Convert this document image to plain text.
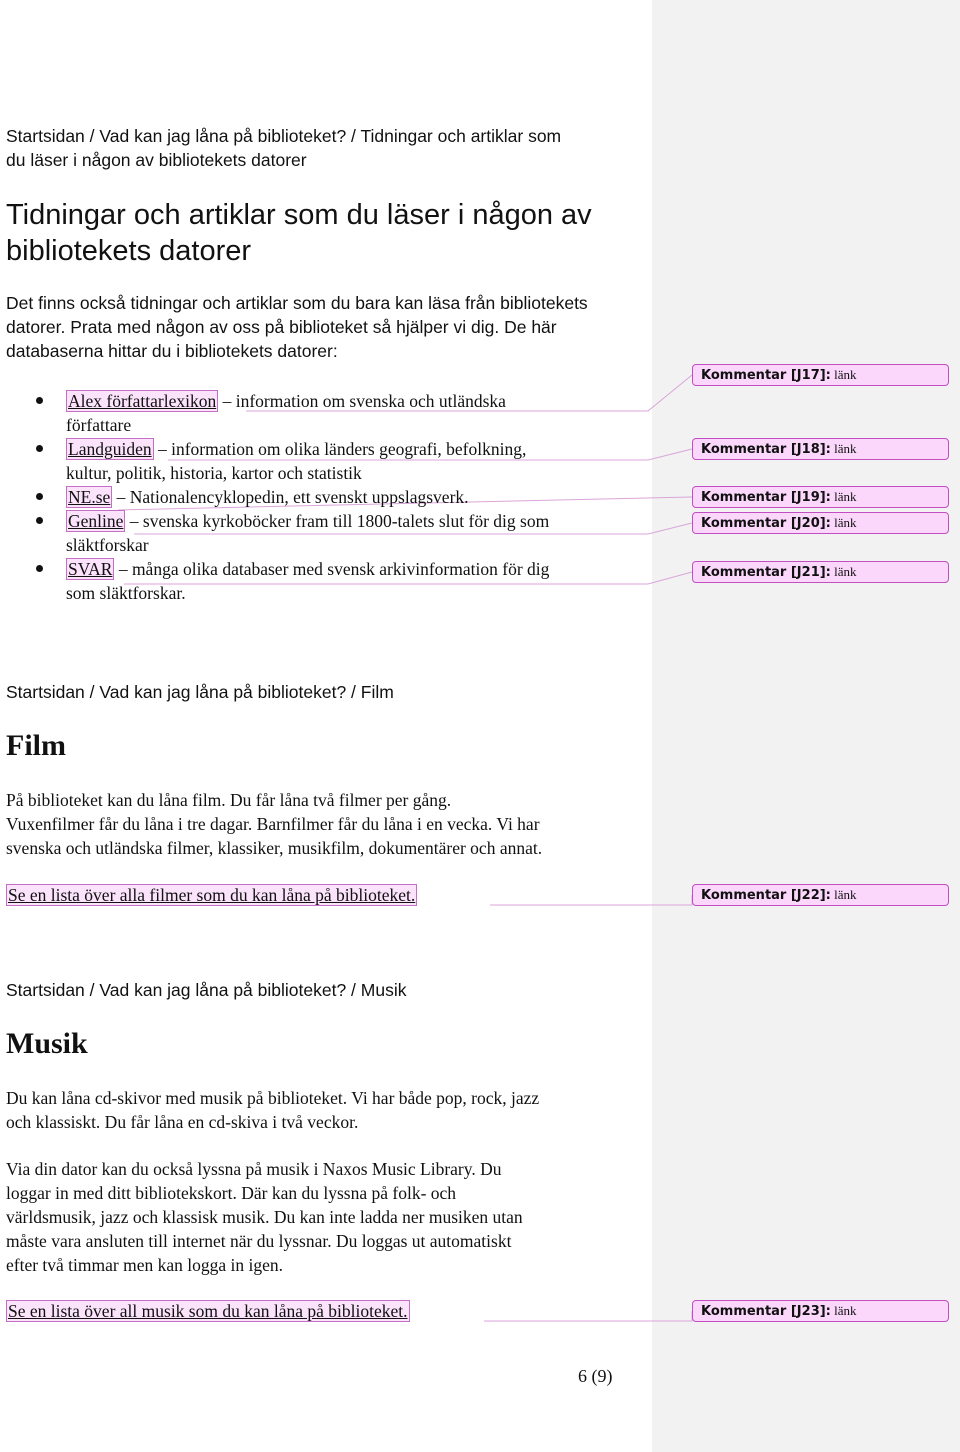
Startsidan / Vad kan jag låna på biblioteket? / Tidningar och artiklar som
du läser i någon av bibliotekets datorer
Tidningar och artiklar som du läser i någon av
bibliotekets datorer
Det finns också tidningar och artiklar som du bara kan läsa från bibliotekets
datorer. Prata med någon av oss på biblioteket så hjälper vi dig. De här
databaserna hittar du i bibliotekets datorer:
Alex författarlexikon – information om svenska och utländska
författare
Landguiden – information om olika länders geografi, befolkning,
kultur, politik, historia, kartor och statistik
NE.se – Nationalencyklopedin, ett svenskt uppslagsverk.
Genline – svenska kyrkoböcker fram till 1800-talets slut för dig som
släktforskar
SVAR – många olika databaser med svensk arkivinformation för dig
som släktforskar.
Startsidan / Vad kan jag låna på biblioteket? / Film
Film
På biblioteket kan du låna film. Du får låna två filmer per gång.
Vuxenfilmer får du låna i tre dagar. Barnfilmer får du låna i en vecka. Vi har
svenska och utländska filmer, klassiker, musikfilm, dokumentärer och annat.
Se en lista över alla filmer som du kan låna på biblioteket.
Startsidan / Vad kan jag låna på biblioteket? / Musik
Musik
Du kan låna cd-skivor med musik på biblioteket. Vi har både pop, rock, jazz
och klassiskt. Du får låna en cd-skiva i två veckor.
Via din dator kan du också lyssna på musik i Naxos Music Library. Du
loggar in med ditt bibliotekskort. Där kan du lyssna på folk- och
världsmusik, jazz och klassisk musik. Du kan inte ladda ner musiken utan
måste vara ansluten till internet när du lyssnar. Du loggas ut automatiskt
efter två timmar men kan logga in igen.
Se en lista över all musik som du kan låna på biblioteket.
Kommentar [J17]: länk
Kommentar [J18]: länk
Kommentar [J19]: länk
Kommentar [J20]: länk
Kommentar [J21]: länk
Kommentar [J22]: länk
Kommentar [J23]: länk
6 (9)
